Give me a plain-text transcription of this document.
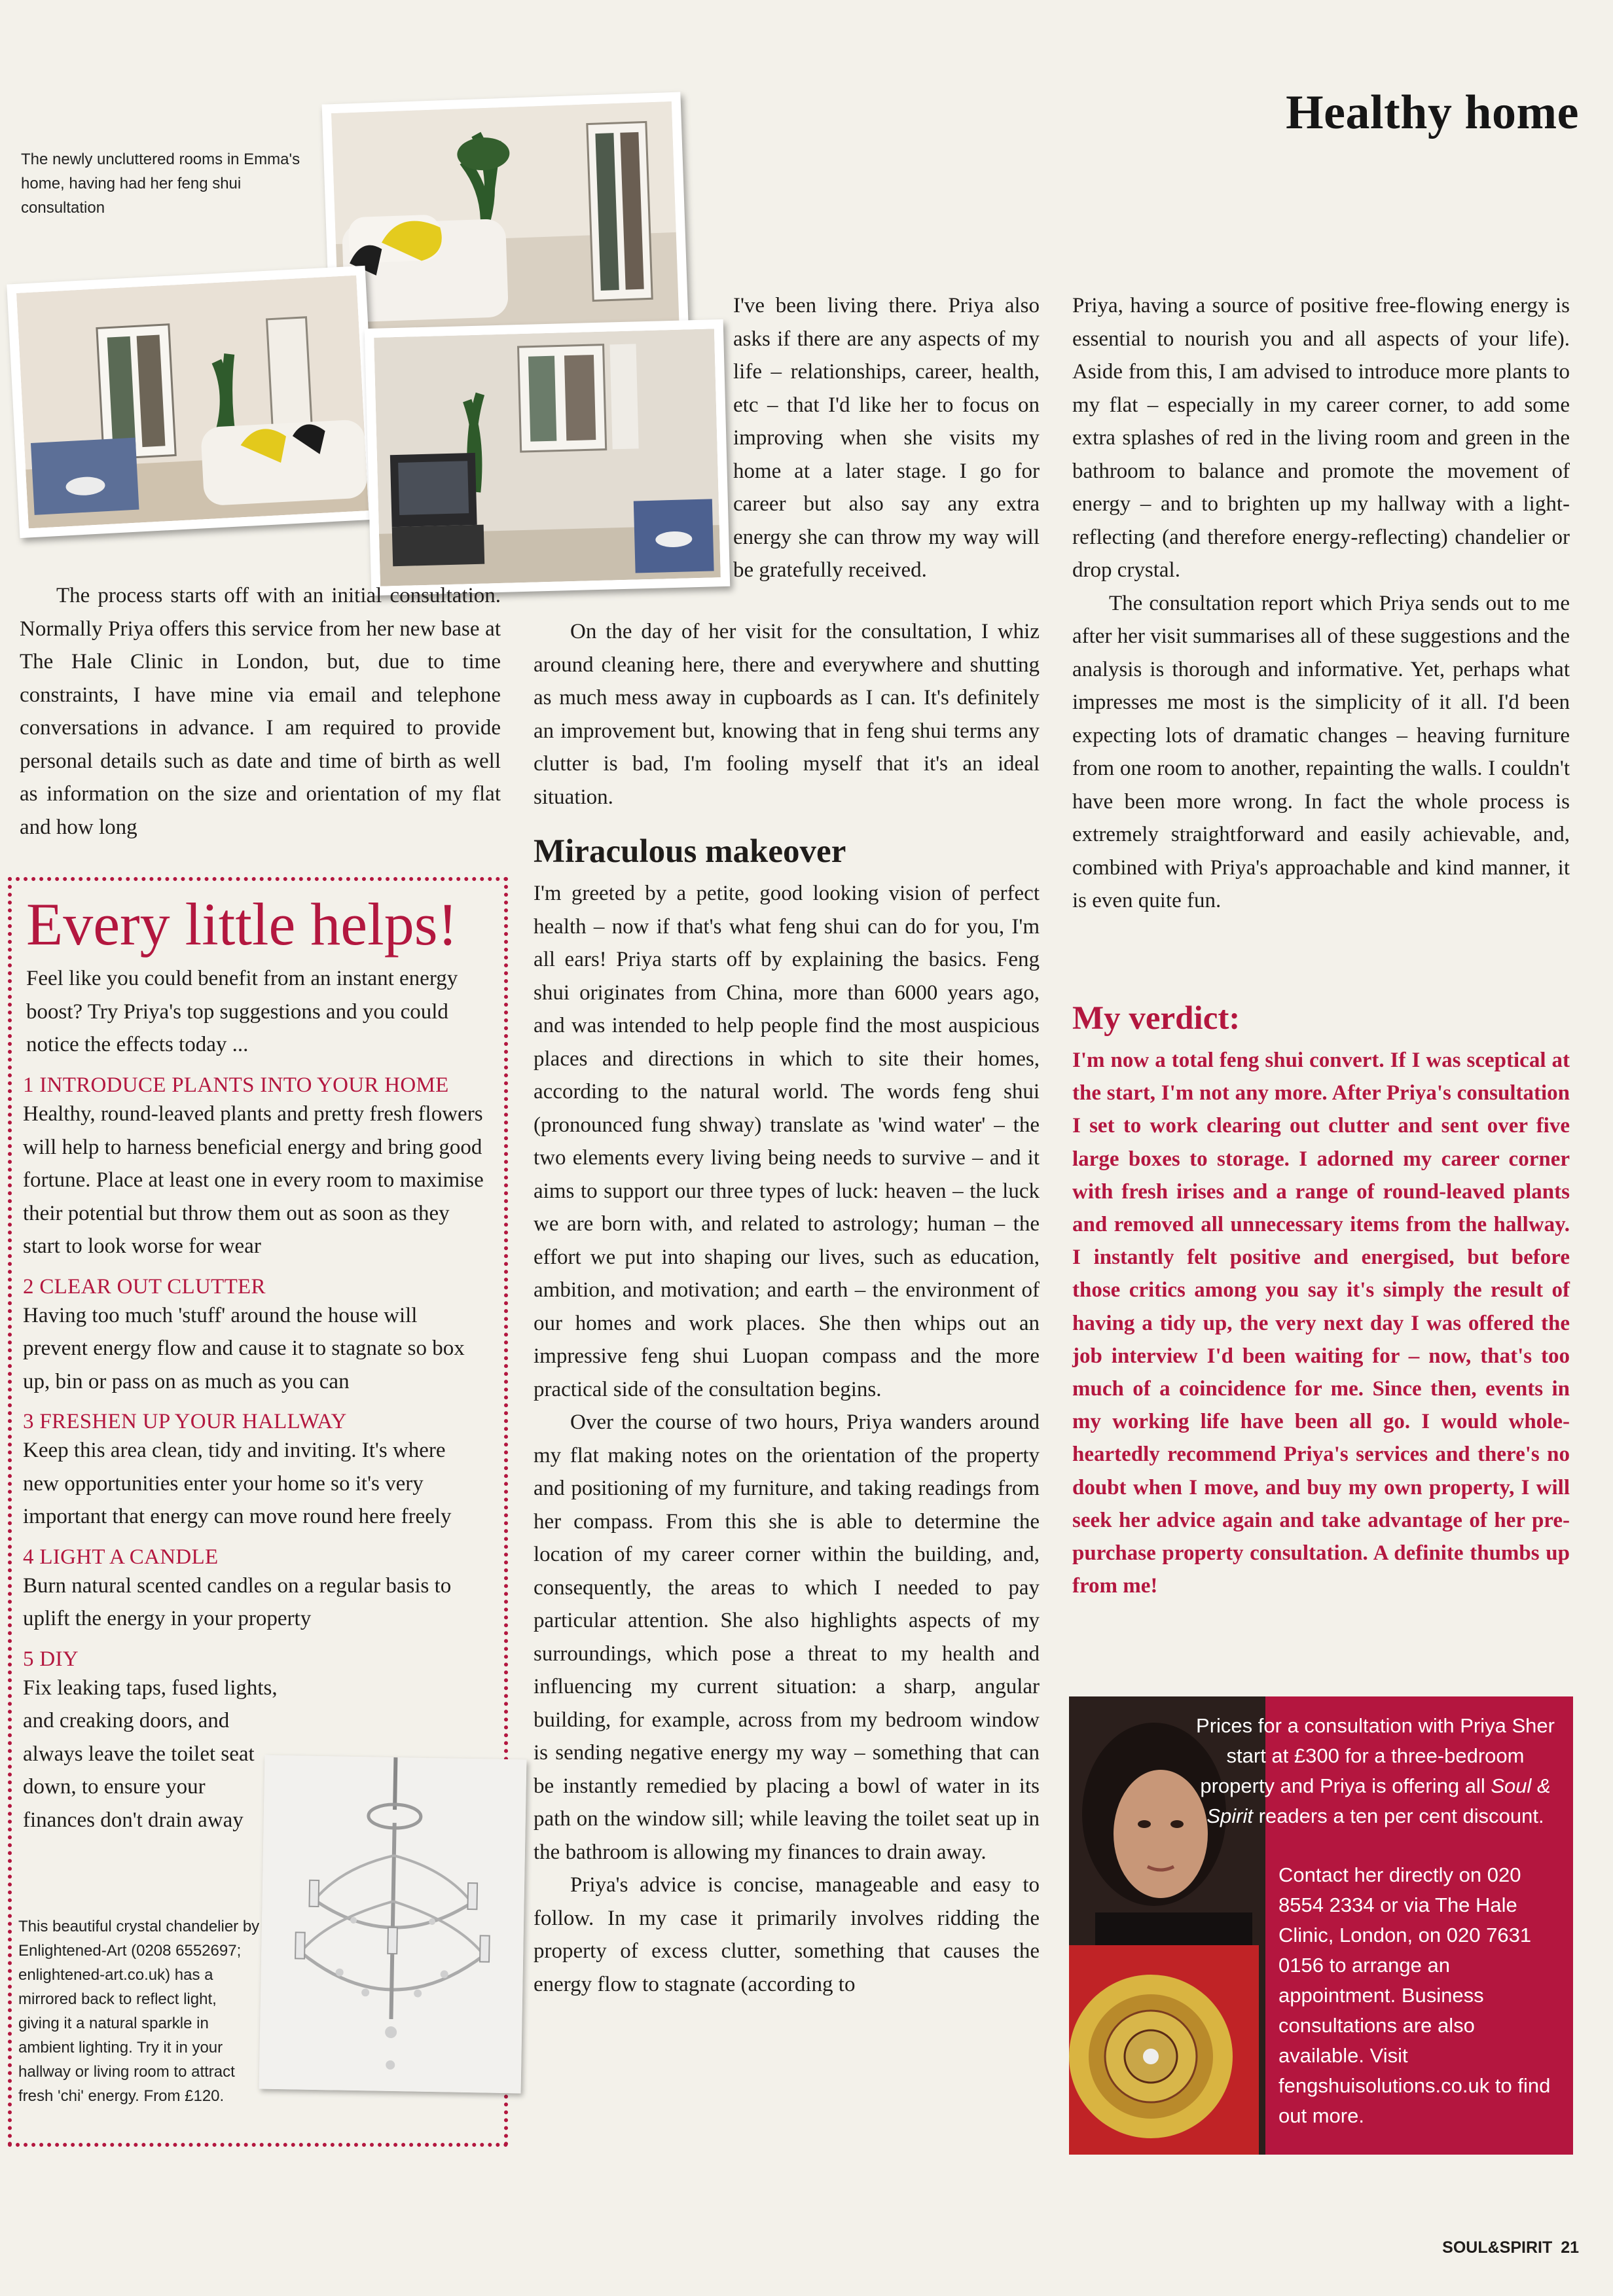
Healthy home
The newly uncluttered rooms in Emma's home, having had her feng shui consultation

The process starts off with an initial consultation. Normally Priya offers this service from her new base at The Hale Clinic in London, but, due to time constraints, I have mine via email and telephone conversations in advance. I am required to provide personal details such as date and time of birth as well as information on the size and orientation of my flat and how long

I've been living there. Priya also asks if there are any aspects of my life – relationships, career, health, etc – that I'd like her to focus on improving when she visits my home at a later stage. I go for career but also say any extra energy she can throw my way will be gratefully received.

On the day of her visit for the consultation, I whiz around cleaning here, there and everywhere and shutting as much mess away in cupboards as I can. It's definitely an improvement but, knowing that in feng shui terms any clutter is bad, I'm fooling myself that it's an ideal situation.

Miraculous makeover

I'm greeted by a petite, good looking vision of perfect health – now if that's what feng shui can do for you, I'm all ears! Priya starts off by explaining the basics. Feng shui originates from China, more than 6000 years ago, and was intended to help people find the most auspicious places and directions in which to site their homes, according to the natural world. The words feng shui (pronounced fung shway) translate as 'wind water' – the two elements every living being needs to survive – and it aims to support our three types of luck: heaven – the luck we are born with, and related to astrology; human – the effort we put into shaping our lives, such as education, ambition, and motivation; and earth – the environment of our homes and work places. She then whips out an impressive feng shui Luopan compass and the more practical side of the consultation begins.

Over the course of two hours, Priya wanders around my flat making notes on the orientation of the property and positioning of my furniture, and taking readings from her compass. From this she is able to determine the location of my career corner within the building, and, consequently, the areas to which I needed to pay particular attention. She also highlights aspects of my surroundings, which pose a threat to my health and influencing my current situation: a sharp, angular building, for example, across from my bedroom window is sending negative energy my way – something that can be instantly remedied by placing a bowl of water in its path on the window sill; while leaving the toilet seat up in the bathroom is allowing my finances to drain away.

Priya's advice is concise, manageable and easy to follow. In my case it primarily involves ridding the property of excess clutter, something that causes the energy flow to stagnate (according to

Priya, having a source of positive free-flowing energy is essential to nourish you and all aspects of your life). Aside from this, I am advised to introduce more plants to my flat – especially in my career corner, to add some extra splashes of red in the living room and green in the bathroom to balance and promote the movement of energy – and to brighten up my hallway with a light-reflecting (and therefore energy-reflecting) chandelier or drop crystal.

The consultation report which Priya sends out to me after her visit summarises all of these suggestions and the analysis is thorough and informative. Yet, perhaps what impresses me most is the simplicity of it all. I'd been expecting lots of dramatic changes – heaving furniture from one room to another, repainting the walls. I couldn't have been more wrong. In fact the whole process is extremely straightforward and easily achievable, and, combined with Priya's approachable and kind manner, it is even quite fun.

My verdict:
I'm now a total feng shui convert. If I was sceptical at the start, I'm not any more. After Priya's consultation I set to work clearing out clutter and sent over five large boxes to storage. I adorned my career corner with fresh irises and a range of round-leaved plants and removed all unnecessary items from the hallway. I instantly felt positive and energised, but before those critics among you say it's simply the result of having a tidy up, the very next day I was offered the job interview I'd been waiting for – now, that's too much of a coincidence for me. Since then, events in my working life have been all go. I would whole-heartedly recommend Priya's services and there's no doubt when I move, and buy my own property, I will seek her advice again and take advantage of her pre-purchase property consultation. A definite thumbs up from me!
Every little helps!
Feel like you could benefit from an instant energy boost? Try Priya's top suggestions and you could notice the effects today ...
1 INTRODUCE PLANTS INTO YOUR HOME
Healthy, round-leaved plants and pretty fresh flowers will help to harness beneficial energy and bring good fortune. Place at least one in every room to maximise their potential but throw them out as soon as they start to look worse for wear
2 CLEAR OUT CLUTTER
Having too much 'stuff' around the house will prevent energy flow and cause it to stagnate so box up, bin or pass on as much as you can
3 FRESHEN UP YOUR HALLWAY
Keep this area clean, tidy and inviting. It's where new opportunities enter your home so it's very important that energy can move round here freely
4 LIGHT A CANDLE
Burn natural scented candles on a regular basis to uplift the energy in your property
5 DIY
Fix leaking taps, fused lights, and creaking doors, and always leave the toilet seat down, to ensure your finances don't drain away
This beautiful crystal chandelier by Enlightened-Art (0208 6552697; enlightened-art.co.uk) has a mirrored back to reflect light, giving it a natural sparkle in ambient lighting. Try it in your hallway or living room to attract fresh 'chi' energy. From £120.
Prices for a consultation with Priya Sher start at £300 for a three-bedroom property and Priya is offering all Soul & Spirit readers a ten per cent discount.
Contact her directly on 020 8554 2334 or via The Hale Clinic, London, on 020 7631 0156 to arrange an appointment. Business consultations are also available. Visit fengshuisolutions.co.uk to find out more.
SOUL&SPIRIT 21
